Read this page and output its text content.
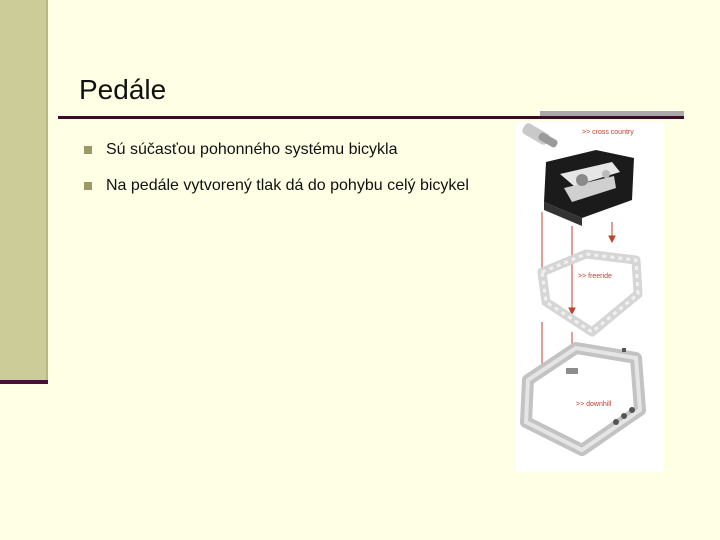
Pedále
Sú súčasťou pohonného systému bicykla
Na pedále vytvorený tlak dá do pohybu celý bicykel
>> cross country
>> freeride
>> downhill
